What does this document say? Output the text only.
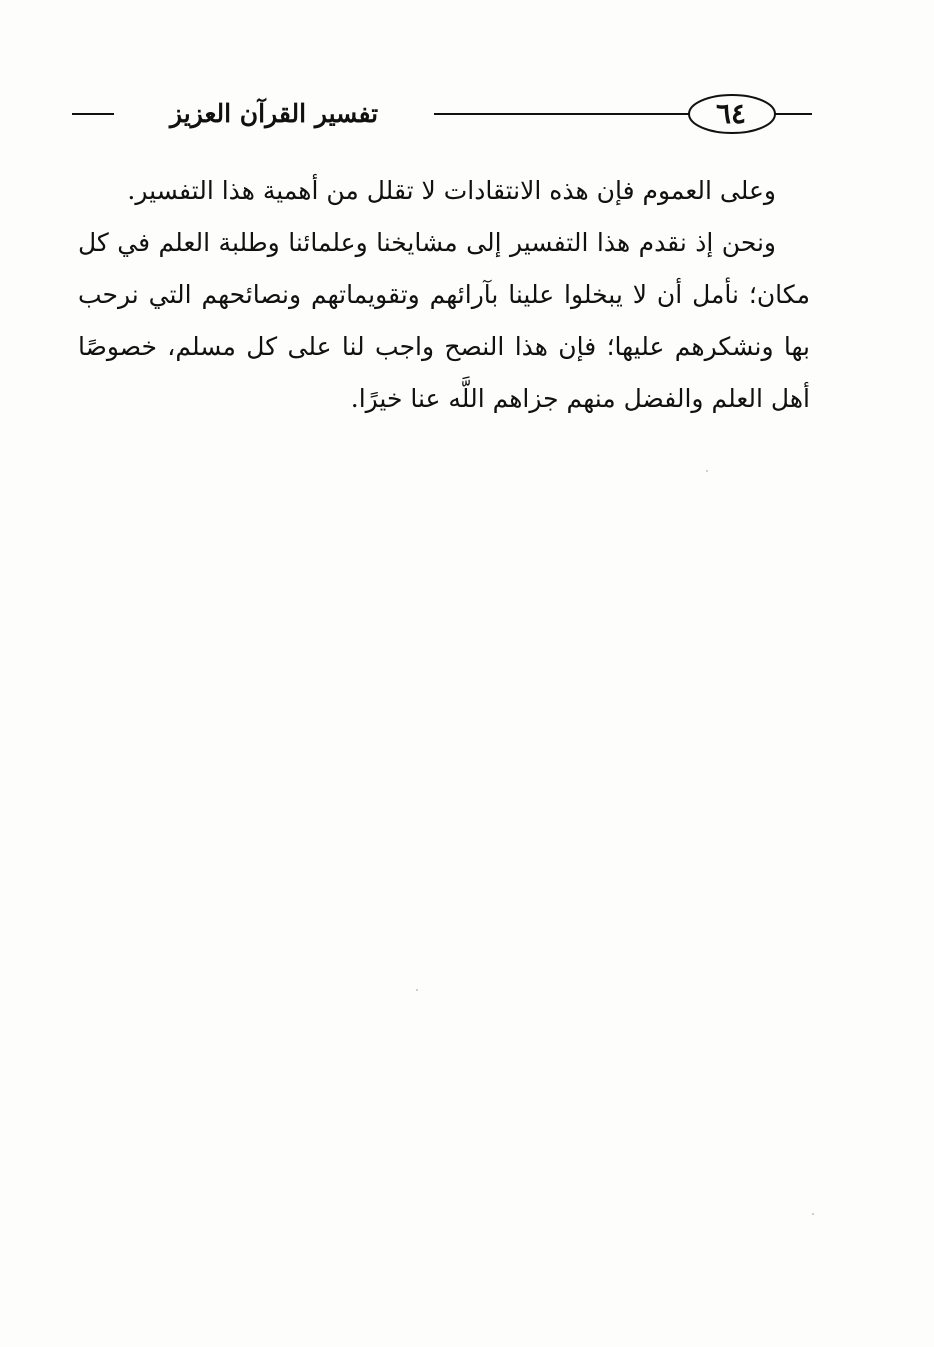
٦٤
تفسير القرآن العزيز

وعلى العموم فإن هذه الانتقادات لا تقلل من أهمية هذا التفسير.

ونحن إذ نقدم هذا التفسير إلى مشايخنا وعلمائنا وطلبة العلم في كل مكان؛ نأمل أن لا يبخلوا علينا بآرائهم وتقويماتهم ونصائحهم التي نرحب بها ونشكرهم عليها؛ فإن هذا النصح واجب لنا على كل مسلم، خصوصًا أهل العلم والفضل منهم جزاهم اللَّه عنا خيرًا.
